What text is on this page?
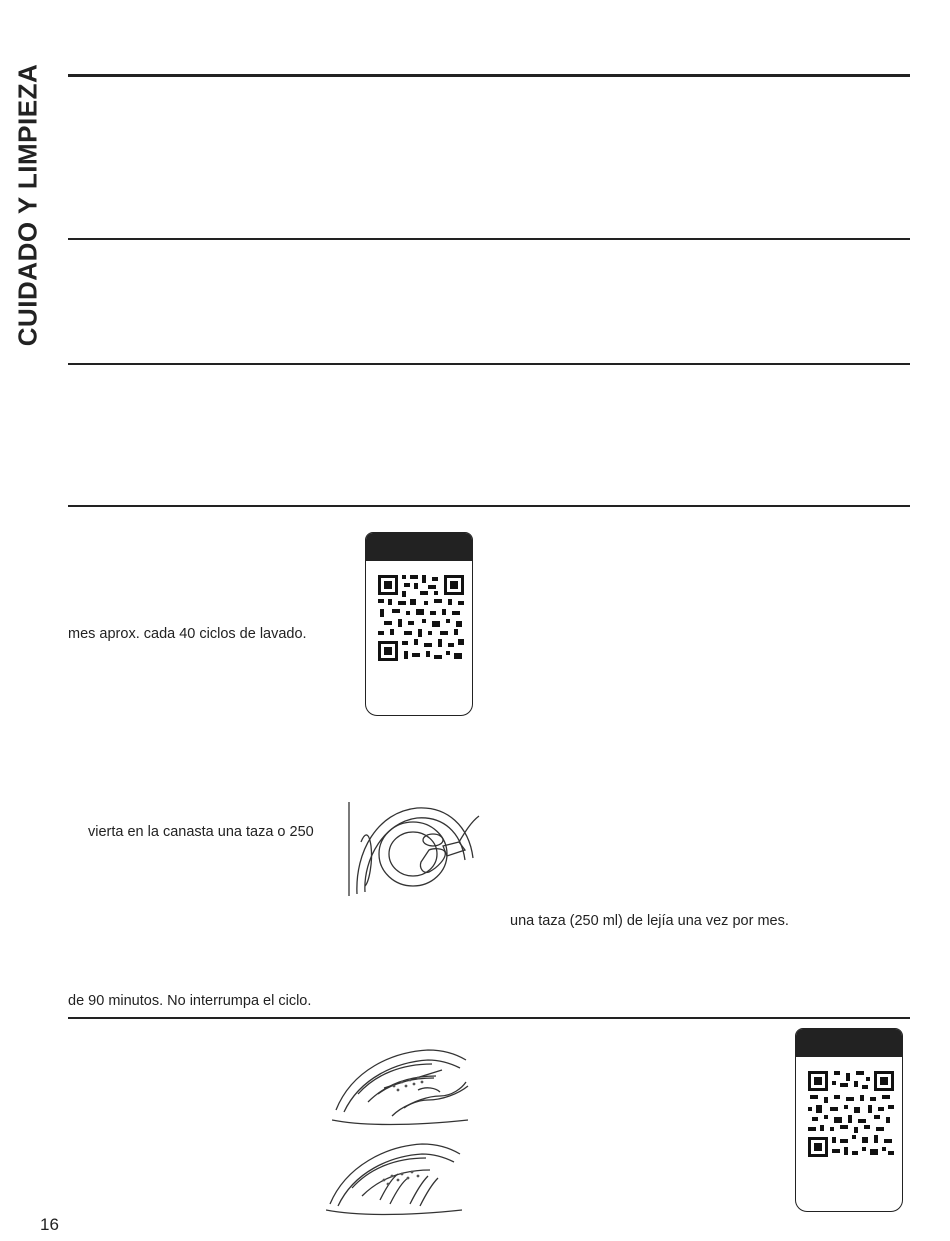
CUIDADO Y LIMPIEZA
mes aprox. cada 40 ciclos de lavado.
vierta en la canasta una taza o 250
una taza (250 ml) de lejía una vez por mes.
de 90 minutos. No interrumpa el ciclo.
16
